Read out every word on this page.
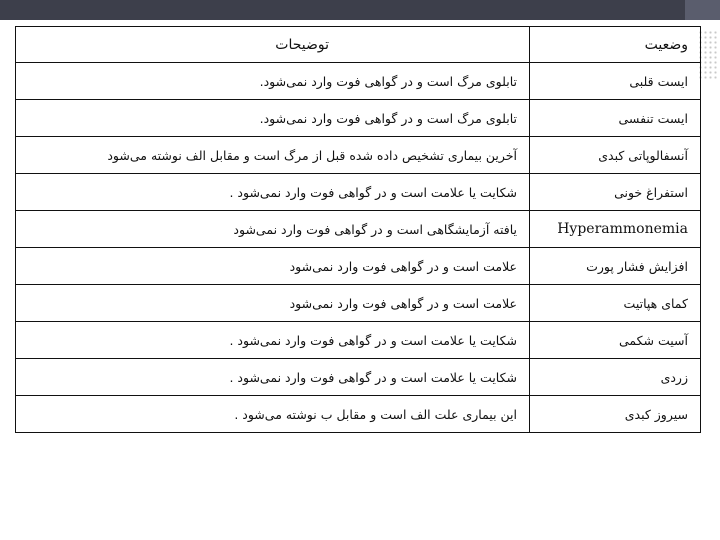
وضعیت	توضیحات
ایست قلبی	تابلوی مرگ است و در گواهی فوت وارد نمی‌شود.
ایست تنفسی	تابلوی مرگ است و در گواهی فوت وارد نمی‌شود.
آنسفالوپاتی کبدی	آخرین بیماری تشخیص داده شده قبل از مرگ است و مقابل الف نوشته می‌شود
استفراغ خونی	شکایت یا علامت است و در گواهی فوت وارد نمی‌شود .
Hyperammonemia	یافته آزمایشگاهی است و در گواهی فوت وارد نمی‌شود
افزایش فشار پورت	علامت است و در گواهی فوت وارد نمی‌شود
کمای هپاتیت	علامت است و در گواهی فوت وارد نمی‌شود
آسیت شکمی	شکایت یا علامت است و در گواهی فوت وارد نمی‌شود .
زردی	شکایت یا علامت است و در گواهی فوت وارد نمی‌شود .
سیروز کبدی	این بیماری علت الف است و مقابل ب نوشته می‌شود .
